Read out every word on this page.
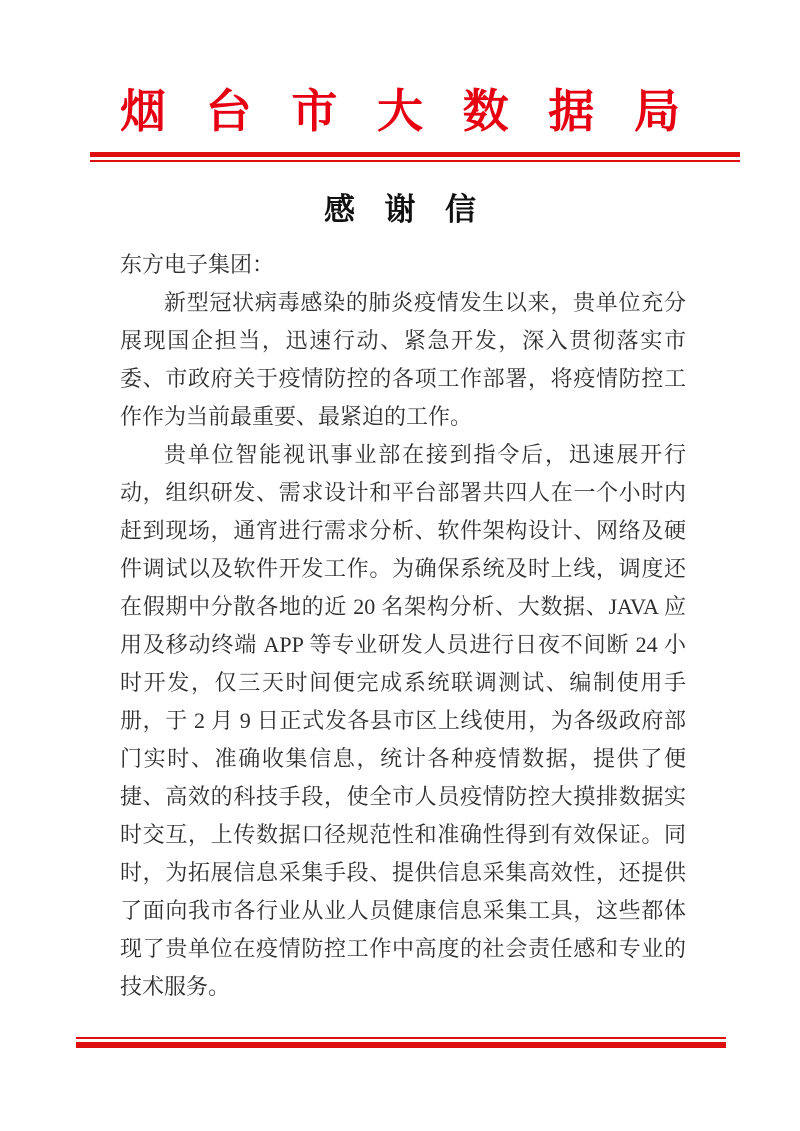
烟 台 市 大 数 据 局
感 谢 信

东方电子集团：

新型冠状病毒感染的肺炎疫情发生以来，贵单位充分展现国企担当，迅速行动、紧急开发，深入贯彻落实市委、市政府关于疫情防控的各项工作部署，将疫情防控工作作为当前最重要、最紧迫的工作。

贵单位智能视讯事业部在接到指令后，迅速展开行动，组织研发、需求设计和平台部署共四人在一个小时内赶到现场，通宵进行需求分析、软件架构设计、网络及硬件调试以及软件开发工作。为确保系统及时上线，调度还在假期中分散各地的近 20 名架构分析、大数据、JAVA 应用及移动终端 APP 等专业研发人员进行日夜不间断 24 小时开发，仅三天时间便完成系统联调测试、编制使用手册，于 2 月 9 日正式发各县市区上线使用，为各级政府部门实时、准确收集信息，统计各种疫情数据，提供了便捷、高效的科技手段，使全市人员疫情防控大摸排数据实时交互，上传数据口径规范性和准确性得到有效保证。同时，为拓展信息采集手段、提供信息采集高效性，还提供了面向我市各行业从业人员健康信息采集工具，这些都体现了贵单位在疫情防控工作中高度的社会责任感和专业的技术服务。
